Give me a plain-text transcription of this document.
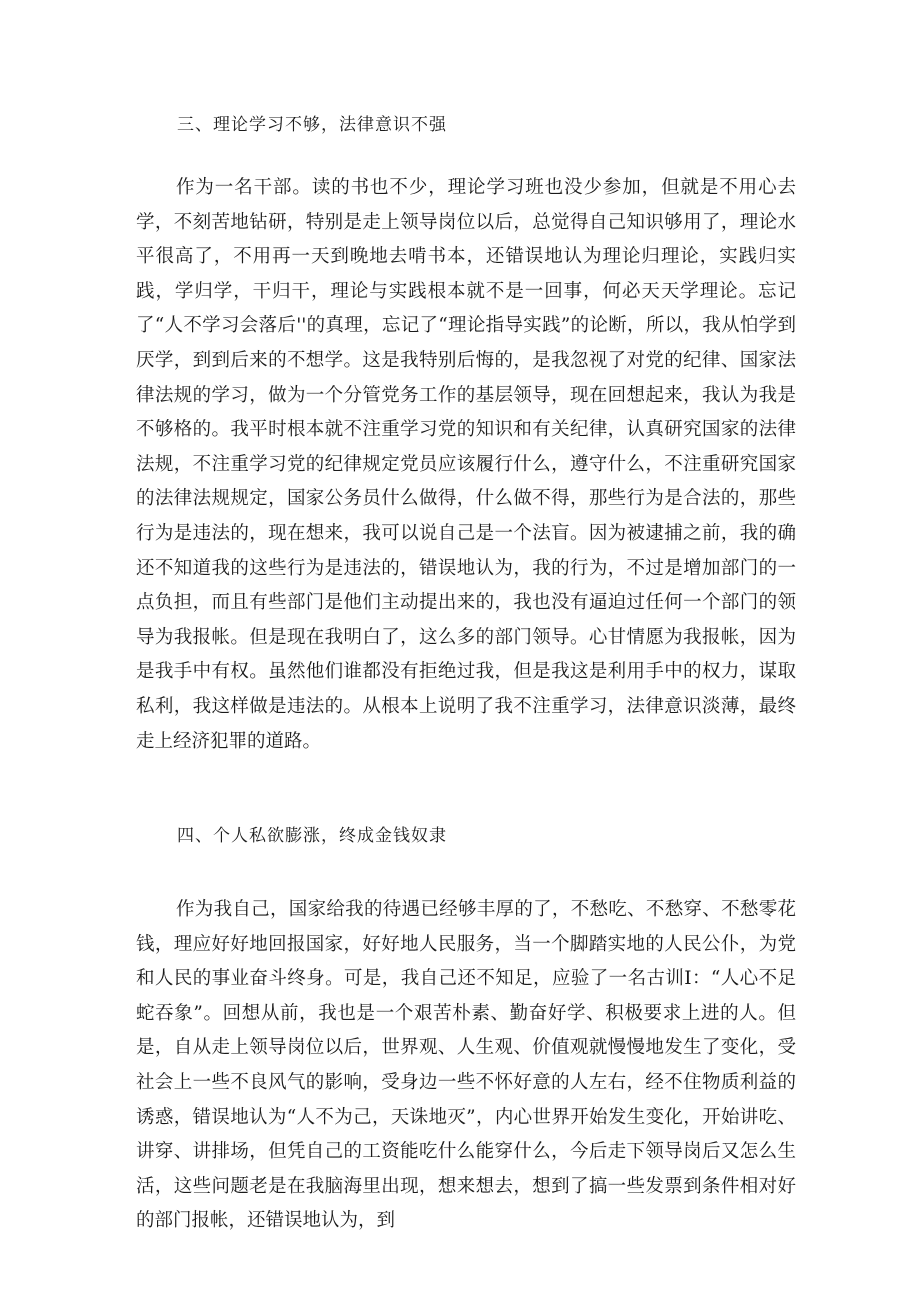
三、理论学习不够，法律意识不强

作为一名干部。读的书也不少，理论学习班也没少参加，但就是不用心去学，不刻苦地钻研，特别是走上领导岗位以后，总觉得自己知识够用了，理论水平很高了，不用再一天到晚地去啃书本，还错误地认为理论归理论，实践归实践，学归学，干归干，理论与实践根本就不是一回事，何必天天学理论。忘记了“人不学习会落后''的真理，忘记了“理论指导实践”的论断，所以，我从怕学到厌学，到到后来的不想学。这是我特别后悔的，是我忽视了对党的纪律、国家法律法规的学习，做为一个分管党务工作的基层领导，现在回想起来，我认为我是不够格的。我平时根本就不注重学习党的知识和有关纪律，认真研究国家的法律法规，不注重学习党的纪律规定党员应该履行什么，遵守什么，不注重研究国家的法律法规规定，国家公务员什么做得，什么做不得，那些行为是合法的，那些行为是违法的，现在想来，我可以说自己是一个法盲。因为被逮捕之前，我的确还不知道我的这些行为是违法的，错误地认为，我的行为，不过是增加部门的一点负担，而且有些部门是他们主动提出来的，我也没有逼迫过任何一个部门的领导为我报帐。但是现在我明白了，这么多的部门领导。心甘情愿为我报帐，因为是我手中有权。虽然他们谁都没有拒绝过我，但是我这是利用手中的权力，谋取私利，我这样做是违法的。从根本上说明了我不注重学习，法律意识淡薄，最终走上经济犯罪的道路。

四、个人私欲膨涨，终成金钱奴隶

作为我自己，国家给我的待遇已经够丰厚的了，不愁吃、不愁穿、不愁零花钱，理应好好地回报国家，好好地人民服务，当一个脚踏实地的人民公仆，为党和人民的事业奋斗终身。可是，我自己还不知足，应验了一名古训I：“人心不足蛇吞象”。回想从前，我也是一个艰苦朴素、勤奋好学、积极要求上进的人。但是，自从走上领导岗位以后，世界观、人生观、价值观就慢慢地发生了变化，受社会上一些不良风气的影响，受身边一些不怀好意的人左右，经不住物质利益的诱惑，错误地认为“人不为己，天诛地灭”，内心世界开始发生变化，开始讲吃、讲穿、讲排场，但凭自己的工资能吃什么能穿什么，今后走下领导岗后又怎么生活，这些问题老是在我脑海里出现，想来想去，想到了搞一些发票到条件相对好的部门报帐，还错误地认为，到
